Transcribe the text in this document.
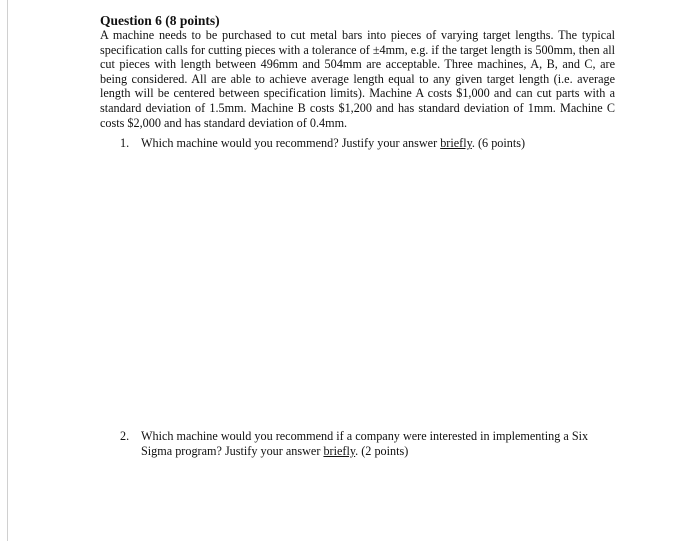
Question 6 (8 points)

A machine needs to be purchased to cut metal bars into pieces of varying target lengths. The typical specification calls for cutting pieces with a tolerance of ±4mm, e.g. if the target length is 500mm, then all cut pieces with length between 496mm and 504mm are acceptable. Three machines, A, B, and C, are being considered. All are able to achieve average length equal to any given target length (i.e. average length will be centered between specification limits). Machine A costs $1,000 and can cut parts with a standard deviation of 1.5mm. Machine B costs $1,200 and has standard deviation of 1mm. Machine C costs $2,000 and has standard deviation of 0.4mm.

1. Which machine would you recommend? Justify your answer briefly. (6 points)
2. Which machine would you recommend if a company were interested in implementing a Six Sigma program? Justify your answer briefly. (2 points)
